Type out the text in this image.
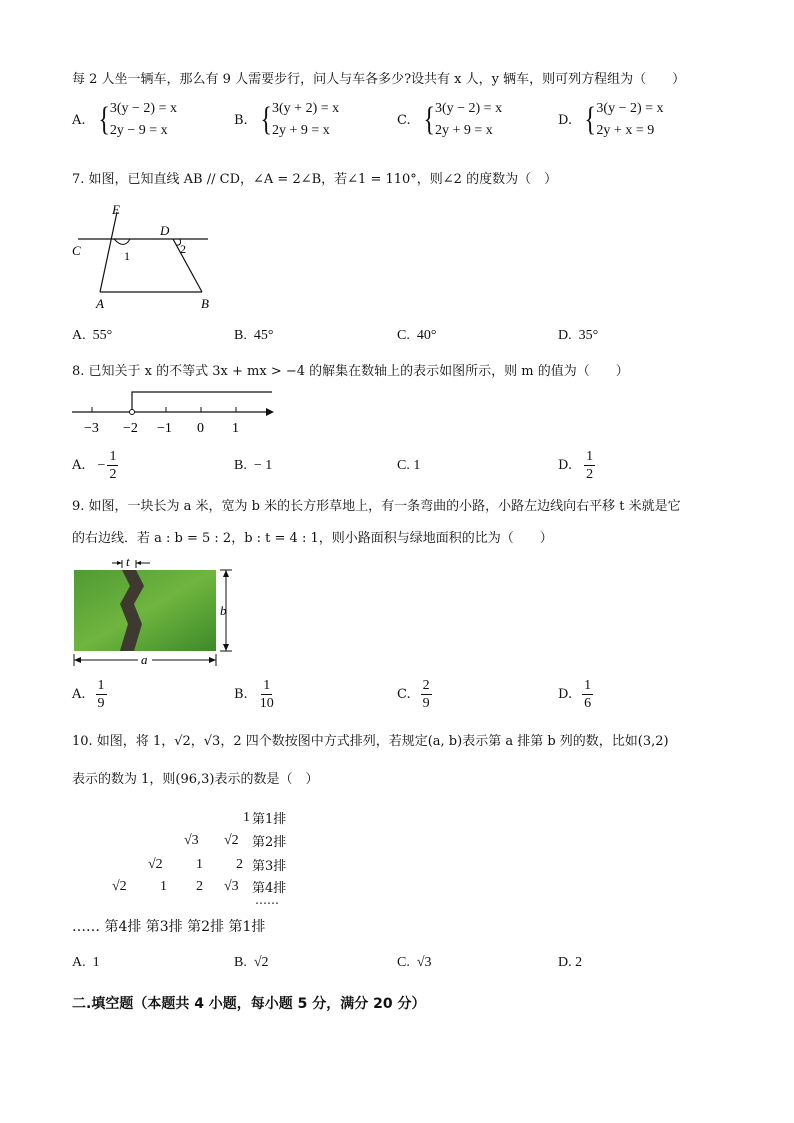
每 2 人坐一辆车，那么有 9 人需要步行，问人与车各多少?设共有 x 人，y 辆车，则可列方程组为（　　）
A. { 3(y − 2) = x
2y − 9 = x
B. { 3(y + 2) = x
2y + 9 = x
C. { 3(y − 2) = x
2y + 9 = x
D. { 3(y − 2) = x
2y + x = 9
7. 如图，已知直线 AB // CD，∠A = 2∠B，若∠1 = 110°，则∠2 的度数为（　）
E
D
C
A	B
1	2
A. 55°	B. 45°	C. 40°	D. 35°
8. 已知关于 x 的不等式 3x + mx > −4 的解集在数轴上的表示如图所示，则 m 的值为（　　）
−3 −2 −1 0 1
A. − $\frac{1}{2}$	B. − 1	C. 1	D. $\frac{1}{2}$
9. 如图，一块长为 a 米，宽为 b 米的长方形草地上，有一条弯曲的小路，小路左边线向右平移 t 米就是它
的右边线．若 a : b = 5 : 2，b : t = 4 : 1，则小路面积与绿地面积的比为（　　）
t
b
a
A. $\frac{1}{9}$	B. $\frac{1}{10}$	C. $\frac{2}{9}$	D. $\frac{1}{6}$
10. 如图，将 1，√2，√3，2 四个数按图中方式排列，若规定(a, b)表示第 a 排第 b 列的数，比如(3,2)
表示的数为 1，则(96,3)表示的数是（　）
1 第1排
√3 √2 第2排
√2 1 2 第3排
√2 1 2 √3 第4排
……
…… 第4排 第3排 第2排 第1排
A. 1	B. √2	C. √3	D. 2
二.填空题（本题共 4 小题，每小题 5 分，满分 20 分）
